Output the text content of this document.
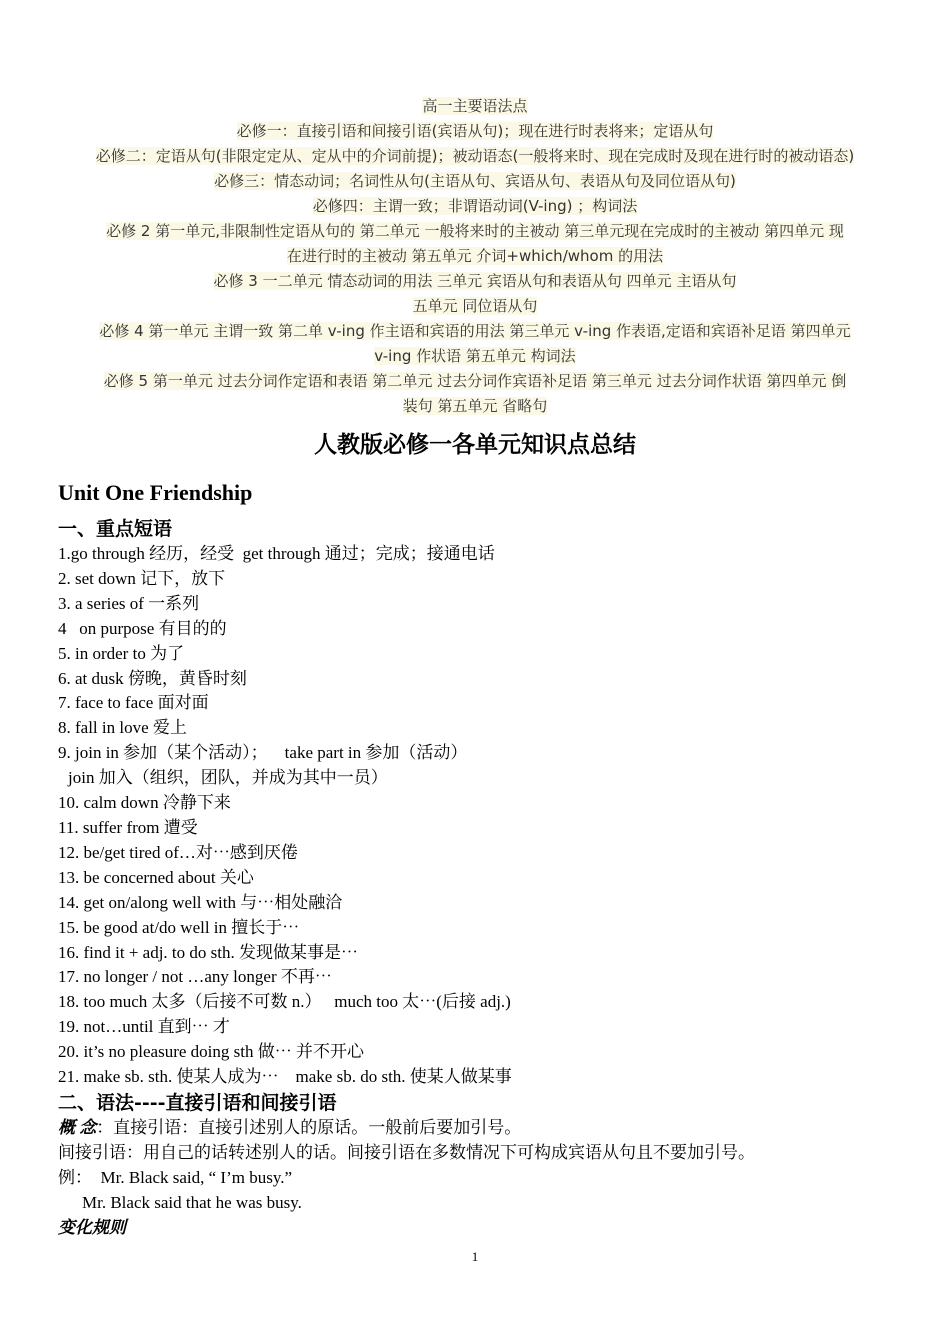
高一主要语法点
必修一：直接引语和间接引语(宾语从句)；现在进行时表将来；定语从句
必修二：定语从句(非限定定从、定从中的介词前提)；被动语态(一般将来时、现在完成时及现在进行时的被动语态)
必修三：情态动词；名词性从句(主语从句、宾语从句、表语从句及同位语从句)
必修四：主谓一致；非谓语动词(V-ing) ；构词法
必修 2 第一单元,非限制性定语从句的 第二单元 一般将来时的主被动 第三单元现在完成时的主被动 第四单元 现
在进行时的主被动 第五单元 介词+which/whom 的用法
必修 3 一二单元 情态动词的用法 三单元 宾语从句和表语从句 四单元 主语从句
五单元 同位语从句
必修 4 第一单元 主谓一致 第二单 v-ing 作主语和宾语的用法 第三单元 v-ing 作表语,定语和宾语补足语 第四单元
v-ing 作状语 第五单元 构词法
必修 5 第一单元 过去分词作定语和表语 第二单元 过去分词作宾语补足语 第三单元 过去分词作状语 第四单元 倒
装句 第五单元 省略句
人教版必修一各单元知识点总结
Unit One Friendship
一、重点短语
1.go through 经历，经受  get through 通过；完成；接通电话
2. set down 记下，放下
3. a series of 一系列
4   on purpose 有目的的
5. in order to 为了
6. at dusk 傍晚，黄昏时刻
7. face to face 面对面
8. fall in love 爱上
9. join in 参加（某个活动）；    take part in 参加（活动）
join 加入（组织，团队，并成为其中一员）
10. calm down 冷静下来
11. suffer from 遭受
12. be/get tired of…对⋯感到厌倦
13. be concerned about 关心
14. get on/along well with 与⋯相处融洽
15. be good at/do well in 擅长于⋯
16. find it + adj. to do sth. 发现做某事是⋯
17. no longer / not …any longer 不再⋯
18. too much 太多（后接不可数 n.）   much too 太⋯(后接 adj.)
19. not…until 直到⋯ 才
20. it’s no pleasure doing sth 做⋯ 并不开心
21. make sb. sth. 使某人成为⋯    make sb. do sth. 使某人做某事
二、语法----直接引语和间接引语
概 念：直接引语：直接引述别人的原话。一般前后要加引号。
间接引语：用自己的话转述别人的话。间接引语在多数情况下可构成宾语从句且不要加引号。
例：  Mr. Black said, “ I’m busy.”
Mr. Black said that he was busy.
变化规则
1
